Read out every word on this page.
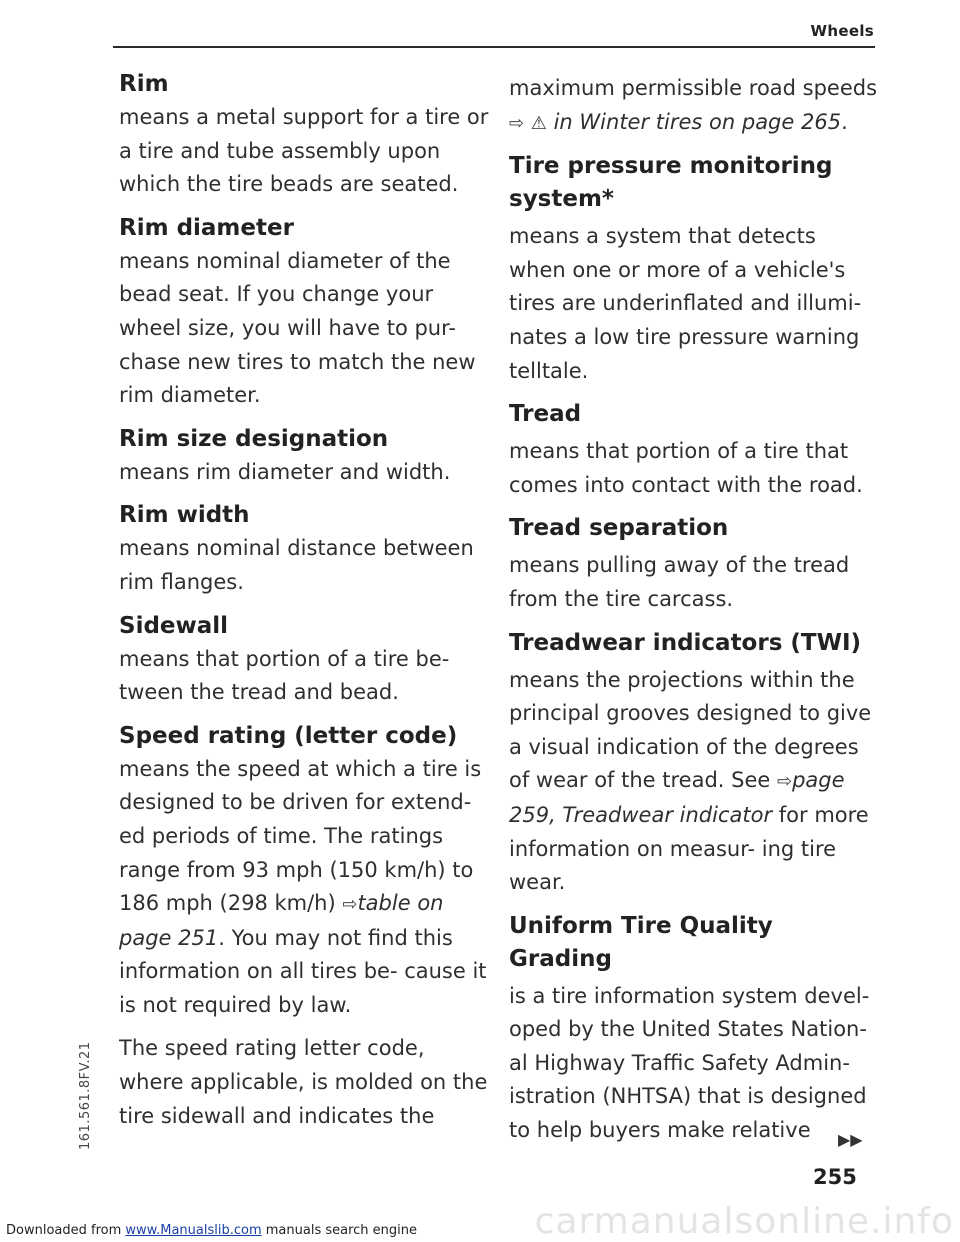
Wheels
Rim

means a metal support for a tire or a tire and tube assembly upon which the tire beads are seated.

Rim diameter

means nominal diameter of the bead seat. If you change your wheel size, you will have to pur- chase new tires to match the new rim diameter.

Rim size designation

means rim diameter and width.

Rim width

means nominal distance between rim flanges.

Sidewall

means that portion of a tire be- tween the tread and bead.

Speed rating (letter code)

means the speed at which a tire is designed to be driven for extend- ed periods of time. The ratings range from 93 mph (150 km/h) to 186 mph (298 km/h) ⇨table on page 251. You may not find this information on all tires be- cause it is not required by law.

The speed rating letter code, where applicable, is molded on the tire sidewall and indicates the

maximum permissible road speeds ⇨ ⚠ in Winter tires on page 265.

Tire pressure monitoring system*

means a system that detects when one or more of a vehicle's tires are underinflated and illumi- nates a low tire pressure warning telltale.

Tread

means that portion of a tire that comes into contact with the road.

Tread separation

means pulling away of the tread from the tire carcass.

Treadwear indicators (TWI)

means the projections within the principal grooves designed to give a visual indication of the degrees of wear of the tread. See ⇨page 259, Treadwear indicator for more information on measur- ing tire wear.

Uniform Tire Quality Grading

is a tire information system devel- oped by the United States Nation- al Highway Traffic Safety Admin- istration (NHTSA) that is designed to help buyers make relative	▶▶
161.561.8FV.21
255
Downloaded from www.Manualslib.com manuals search engine	carmanualsonline.info
